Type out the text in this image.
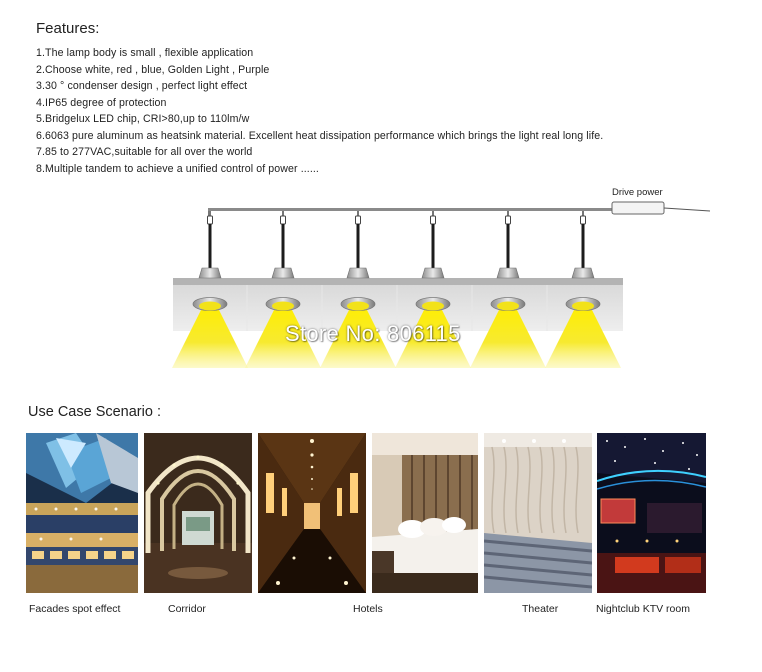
Features:
1.The lamp body is small , flexible application
2.Choose white, red , blue, Golden Light , Purple
3.30 ° condenser design , perfect light effect
4.IP65 degree of protection
5.Bridgelux LED chip, CRI>80,up to 110lm/w
6.6063 pure aluminum as heatsink material. Excellent heat dissipation performance which brings the light real long life.
7.85 to 277VAC,suitable for all over the world
8.Multiple tandem to achieve a unified control of power ......
Store No: 806115
Drive power
Use Case Scenario :
Facades spot effect	Corridor	Hotels	Theater	Nightclub KTV room
